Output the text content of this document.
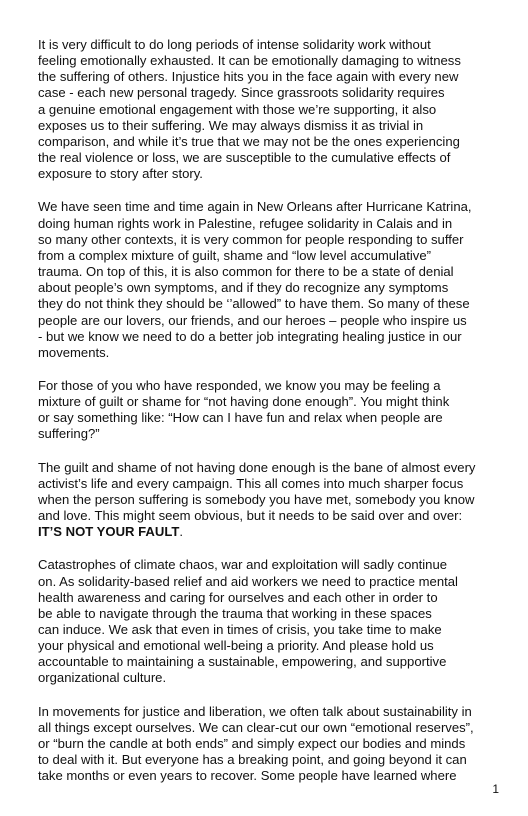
It is very difficult to do long periods of intense solidarity work without
feeling emotionally exhausted. It can be emotionally damaging to witness
the suffering of others. Injustice hits you in the face again with every new
case - each new personal tragedy. Since grassroots solidarity requires
a genuine emotional engagement with those we’re supporting, it also
exposes us to their suffering. We may always dismiss it as trivial in
comparison, and while it’s true that we may not be the ones experiencing
the real violence or loss, we are susceptible to the cumulative effects of
exposure to story after story.

We have seen time and time again in New Orleans after Hurricane Katrina,
doing human rights work in Palestine, refugee solidarity in Calais and in
so many other contexts, it is very common for people responding to suffer
from a complex mixture of guilt, shame and “low level accumulative”
trauma. On top of this, it is also common for there to be a state of denial
about people’s own symptoms, and if they do recognize any symptoms
they do not think they should be ‘’allowed” to have them. So many of these
people are our lovers, our friends, and our heroes – people who inspire us
- but we know we need to do a better job integrating healing justice in our
movements.

For those of you who have responded, we know you may be feeling a
mixture of guilt or shame for “not having done enough”. You might think
or say something like: “How can I have fun and relax when people are
suffering?”

The guilt and shame of not having done enough is the bane of almost every
activist’s life and every campaign. This all comes into much sharper focus
when the person suffering is somebody you have met, somebody you know
and love. This might seem obvious, but it needs to be said over and over:
IT’S NOT YOUR FAULT.

Catastrophes of climate chaos, war and exploitation will sadly continue
on. As solidarity-based relief and aid workers we need to practice mental
health awareness and caring for ourselves and each other in order to
be able to navigate through the trauma that working in these spaces
can induce. We ask that even in times of crisis, you take time to make
your physical and emotional well-being a priority. And please hold us
accountable to maintaining a sustainable, empowering, and supportive
organizational culture.

In movements for justice and liberation, we often talk about sustainability in
all things except ourselves. We can clear-cut our own “emotional reserves”,
or “burn the candle at both ends” and simply expect our bodies and minds
to deal with it. But everyone has a breaking point, and going beyond it can
take months or even years to recover. Some people have learned where

1
